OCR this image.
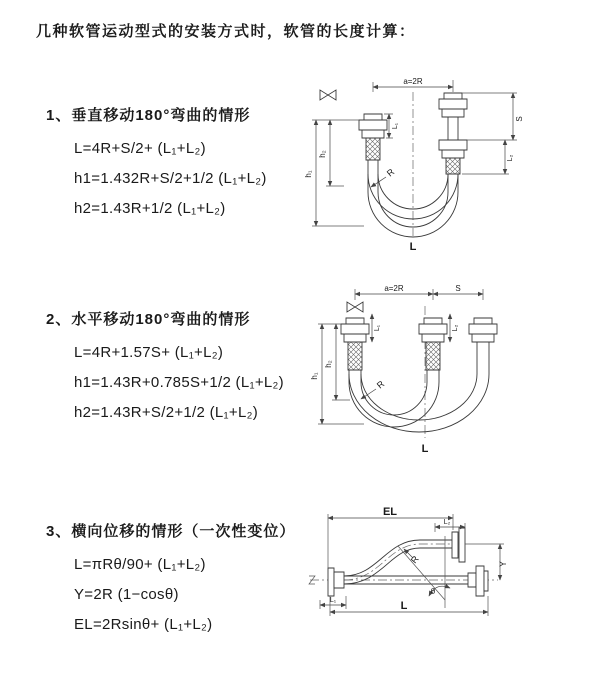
几种软管运动型式的安装方式时，软管的长度计算：
1、垂直移动180°弯曲的情形
L=4R+S/2+ (L₁+L₂)
h1=1.432R+S/2+1/2 (L₁+L₂)
h2=1.43R+1/2 (L₁+L₂)
a=2R
S
L₂
h₁
h₂
L₁
R
L
2、水平移动180°弯曲的情形
L=4R+1.57S+ (L₁+L₂)
h1=1.43R+0.785S+1/2 (L₁+L₂)
h2=1.43R+S/2+1/2 (L₁+L₂)
a=2R	S
h₁
h₂
L₁	L₂
R
L
3、横向位移的情形（一次性变位）
L=πRθ/90+ (L₁+L₂)
Y=2R (1−cosθ)
EL=2Rsinθ+ (L₁+L₂)
EL
L₂
Y
θ
R
L₁	L
